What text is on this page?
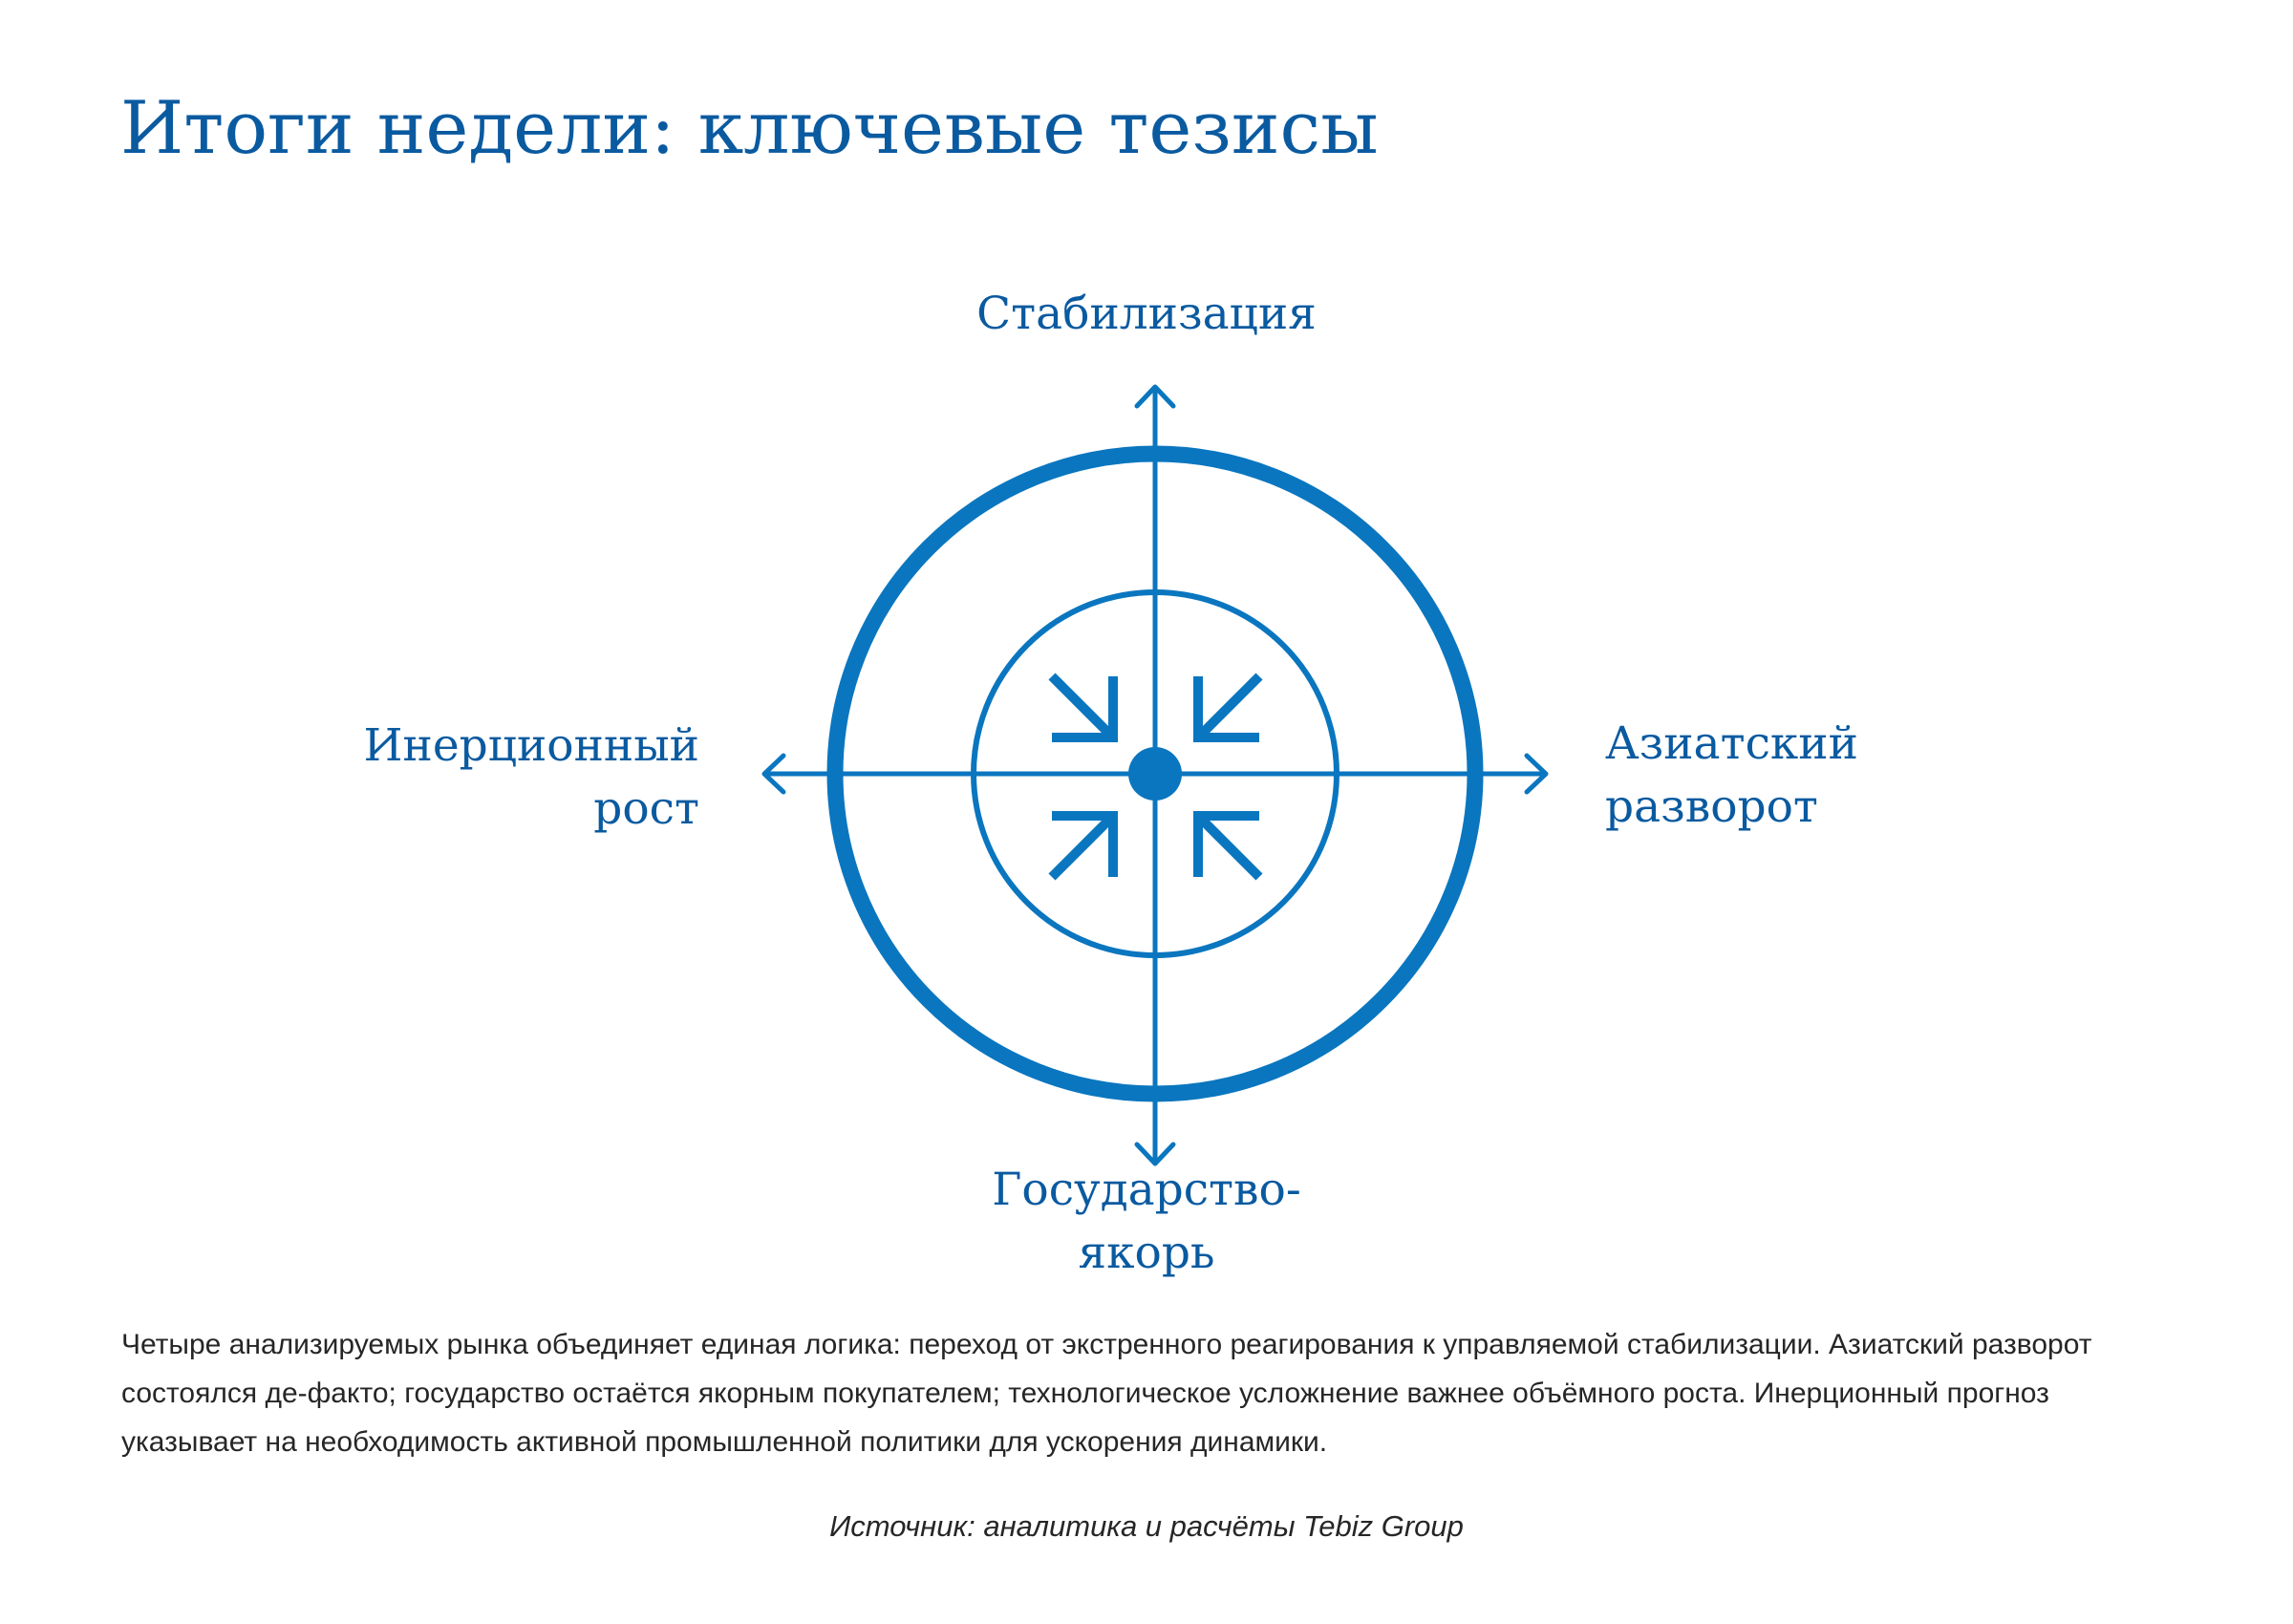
Итоги недели: ключевые тезисы
Стабилизация
Государство-
якорь
Инерционный
рост
Азиатский
разворот

Четыре анализируемых рынка объединяет единая логика: переход от экстренного реагирования к управляемой стабилизации. Азиатский разворот состоялся де-факто; государство остаётся якорным покупателем; технологическое усложнение важнее объёмного роста. Инерционный прогноз указывает на необходимость активной промышленной политики для ускорения динамики.

Источник: аналитика и расчёты Tebiz Group
